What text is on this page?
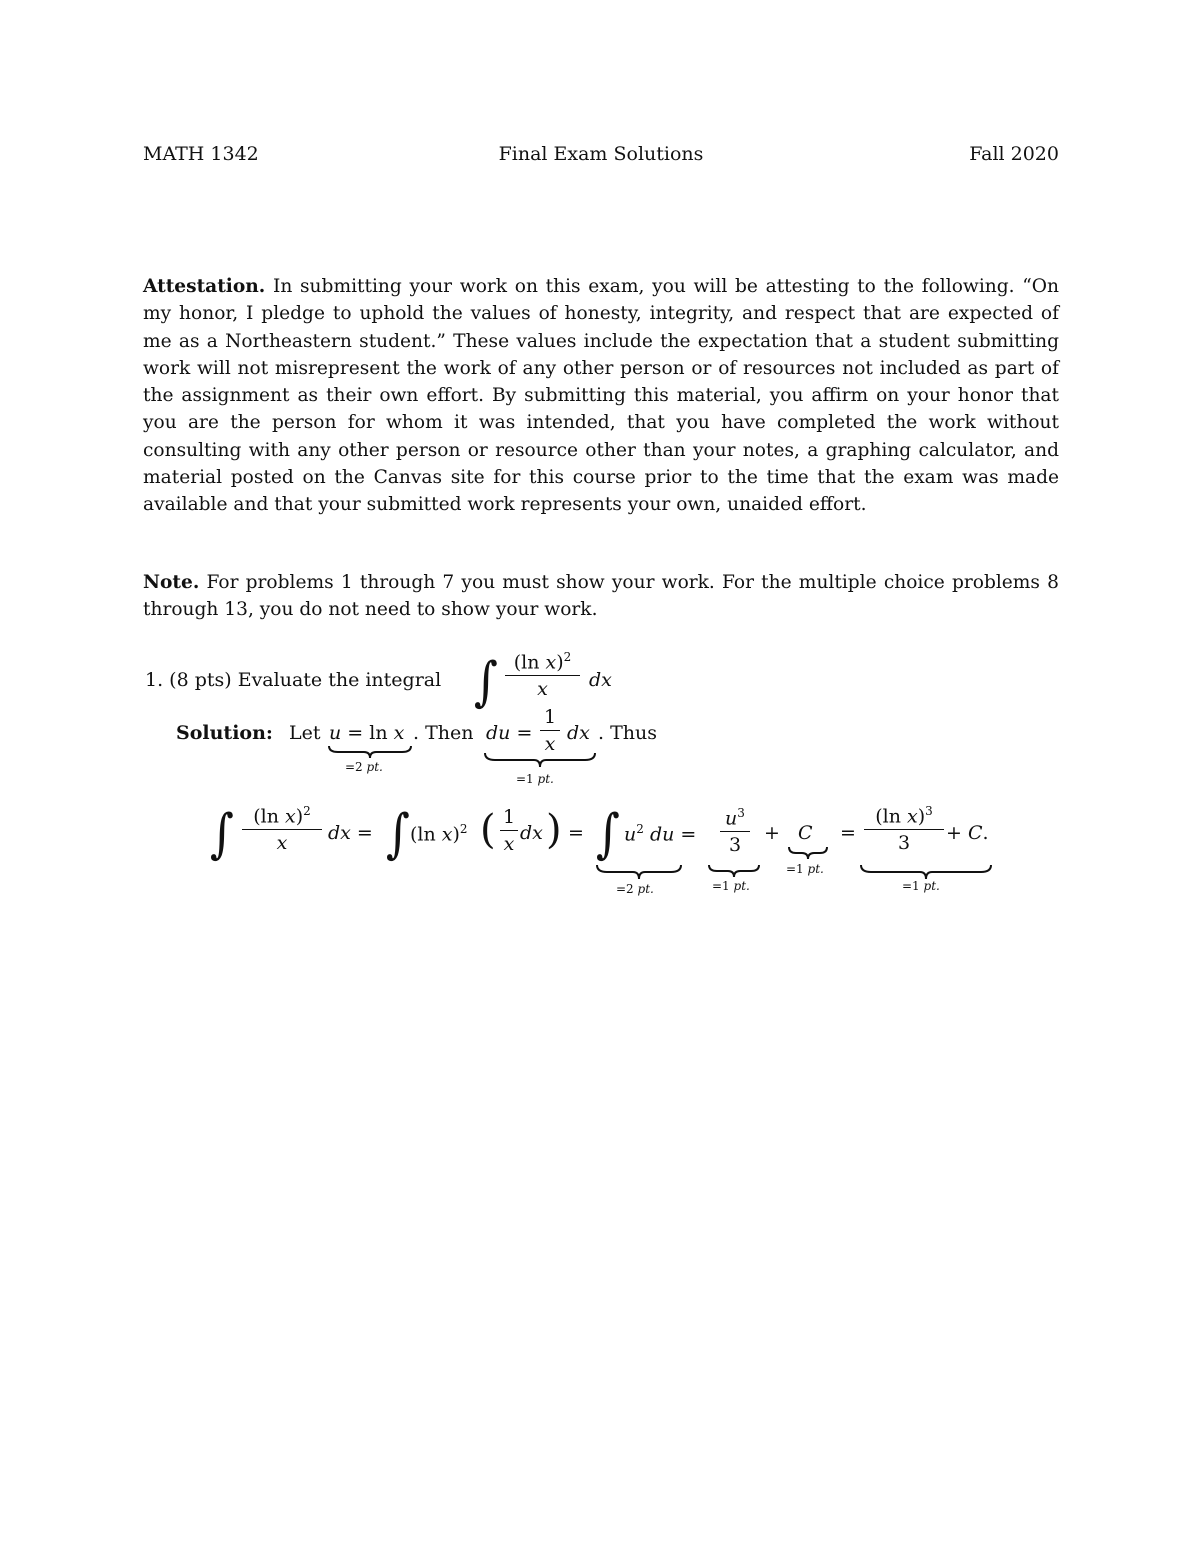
MATH 1342	Final Exam Solutions	Fall 2020

Attestation. In submitting your work on this exam, you will be attesting to the following. “On my honor, I pledge to uphold the values of honesty, integrity, and respect that are expected of me as a Northeastern student.” These values include the expectation that a student submitting work will not misrepresent the work of any other person or of resources not included as part of the assignment as their own effort. By submitting this material, you affirm on your honor that you are the person for whom it was intended, that you have completed the work without consulting with any other person or resource other than your notes, a graphing calculator, and material posted on the Canvas site for this course prior to the time that the exam was made available and that your submitted work represents your own, unaided effort.

Note. For problems 1 through 7 you must show your work. For the multiple choice problems 8 through 13, you do not need to show your work.

1. (8 pts) Evaluate the integral ∫ $\frac{(\ln x)^2}{x}$ dx
Solution: Let u = ln x
=2 pt.
. Then du = $\frac{1}{x}$ dx
=1 pt.
. Thus
∫ $\frac{(\ln x)^2}{x}$ dx = ∫ (ln x)$^2$ ( $\frac{1}{x}$ dx ) = ∫ $u^2$ du =
=2 pt.
$\frac{u^3}{3}$
=1 pt.
+ C
=1 pt.
= $\frac{(\ln x)^3}{3} + C$.
=1 pt.
